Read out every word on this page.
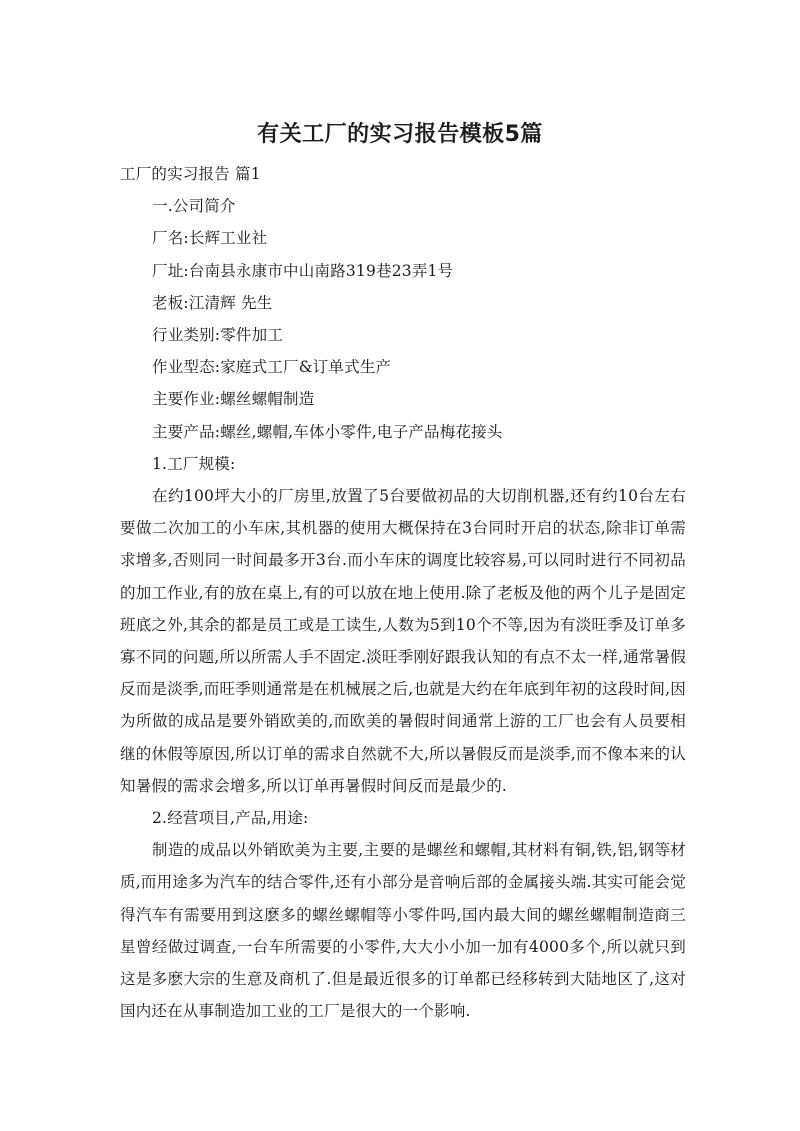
有关工厂的实习报告模板5篇

工厂的实习报告 篇1

一.公司简介

厂名:长辉工业社

厂址:台南县永康市中山南路319巷23弄1号

老板:江清辉 先生

行业类别:零件加工

作业型态:家庭式工厂&订单式生产

主要作业:螺丝螺帽制造

主要产品:螺丝,螺帽,车体小零件,电子产品梅花接头

1.工厂规模:

在约100坪大小的厂房里,放置了5台要做初品的大切削机器,还有约10台左右要做二次加工的小车床,其机器的使用大概保持在3台同时开启的状态,除非订单需求增多,否则同一时间最多开3台.而小车床的调度比较容易,可以同时进行不同初品的加工作业,有的放在桌上,有的可以放在地上使用.除了老板及他的两个儿子是固定班底之外,其余的都是员工或是工读生,人数为5到10个不等,因为有淡旺季及订单多寡不同的问题,所以所需人手不固定.淡旺季刚好跟我认知的有点不太一样,通常暑假反而是淡季,而旺季则通常是在机械展之后,也就是大约在年底到年初的这段时间,因为所做的成品是要外销欧美的,而欧美的暑假时间通常上游的工厂也会有人员要相继的休假等原因,所以订单的需求自然就不大,所以暑假反而是淡季,而不像本来的认知暑假的需求会增多,所以订单再暑假时间反而是最少的.

2.经营项目,产品,用途:

制造的成品以外销欧美为主要,主要的是螺丝和螺帽,其材料有铜,铁,铝,钢等材质,而用途多为汽车的结合零件,还有小部分是音响后部的金属接头端.其实可能会觉得汽车有需要用到这麽多的螺丝螺帽等小零件吗,国内最大间的螺丝螺帽制造商三星曾经做过调查,一台车所需要的小零件,大大小小加一加有4000多个,所以就只到这是多麽大宗的生意及商机了.但是最近很多的订单都已经移转到大陆地区了,这对国内还在从事制造加工业的工厂是很大的一个影响.
